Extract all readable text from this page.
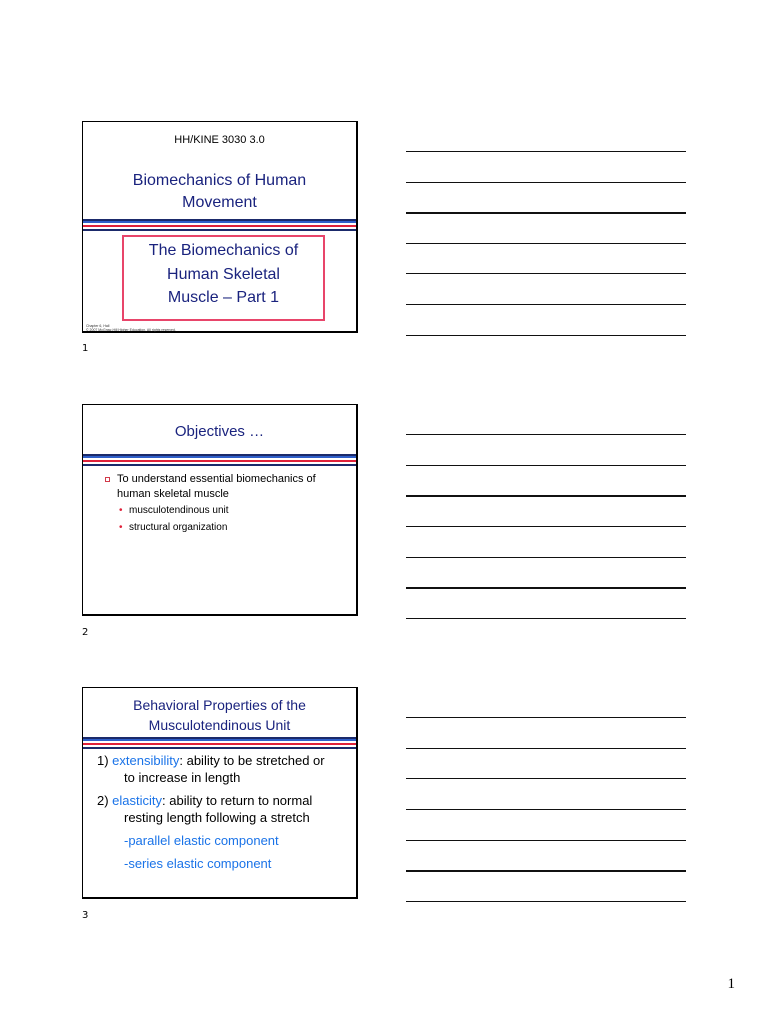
HH/KINE 3030 3.0
Biomechanics of Human
Movement
The Biomechanics of
Human Skeletal
Muscle – Part 1
Chapter 6, Hall
© 2007 McGraw-Hill Higher Education. All rights reserved.
1
Objectives …
To understand essential biomechanics of human skeletal muscle
• musculotendinous unit
• structural organization
2
Behavioral Properties of the
Musculotendinous Unit
1) extensibility: ability to be stretched or
to increase in length
2) elasticity: ability to return to normal
resting length following a stretch
-parallel elastic component
-series elastic component
3
1
